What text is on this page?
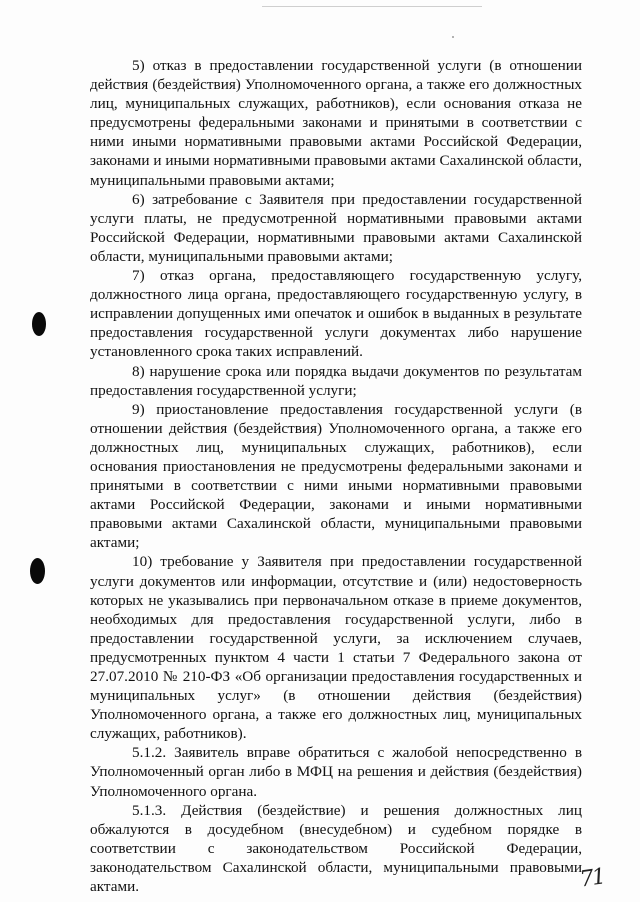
5) отказ в предоставлении государственной услуги (в отношении действия (бездействия) Уполномоченного органа, а также его должностных лиц, муниципальных служащих, работников), если основания отказа не предусмотрены федеральными законами и принятыми в соответствии с ними иными нормативными правовыми актами Российской Федерации, законами и иными нормативными правовыми актами Сахалинской области, муниципальными правовыми актами;

6) затребование с Заявителя при предоставлении государственной услуги платы, не предусмотренной нормативными правовыми актами Российской Федерации, нормативными правовыми актами Сахалинской области, муниципальными правовыми актами;

7) отказ органа, предоставляющего государственную услугу, должностного лица органа, предоставляющего государственную услугу, в исправлении допущенных ими опечаток и ошибок в выданных в результате предоставления государственной услуги документах либо нарушение установленного срока таких исправлений.

8) нарушение срока или порядка выдачи документов по результатам предоставления государственной услуги;

9) приостановление предоставления государственной услуги (в отношении действия (бездействия) Уполномоченного органа, а также его должностных лиц, муниципальных служащих, работников), если основания приостановления не предусмотрены федеральными законами и принятыми в соответствии с ними иными нормативными правовыми актами Российской Федерации, законами и иными нормативными правовыми актами Сахалинской области, муниципальными правовыми актами;

10) требование у Заявителя при предоставлении государственной услуги документов или информации, отсутствие и (или) недостоверность которых не указывались при первоначальном отказе в приеме документов, необходимых для предоставления государственной услуги, либо в предоставлении государственной услуги, за исключением случаев, предусмотренных пунктом 4 части 1 статьи 7 Федерального закона от 27.07.2010 № 210-ФЗ «Об организации предоставления государственных и муниципальных услуг» (в отношении действия (бездействия) Уполномоченного органа, а также его должностных лиц, муниципальных служащих, работников).

5.1.2. Заявитель вправе обратиться с жалобой непосредственно в Уполномоченный орган либо в МФЦ на решения и действия (бездействия) Уполномоченного органа.

5.1.3. Действия (бездействие) и решения должностных лиц обжалуются в досудебном (внесудебном) и судебном порядке в соответствии с законодательством Российской Федерации, законодательством Сахалинской области, муниципальными правовыми актами.	71
